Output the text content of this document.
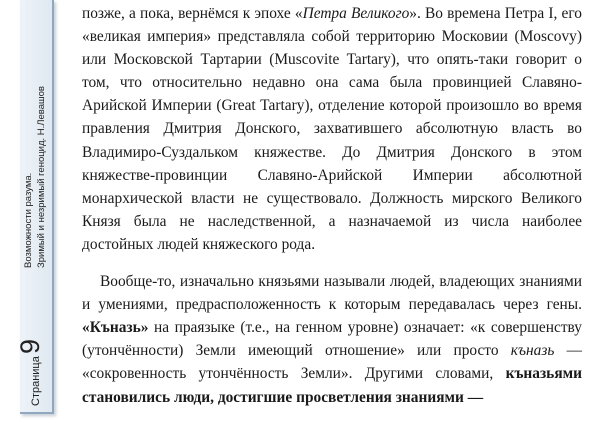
Страница
9
Возможности разума. Зримый и незримый геноцид. Н.Левашов

позже, а пока, вернёмся к эпохе «Петра Великого». Во времена Петра I, его «великая империя» представляла собой территорию Московии (Moscovy) или Московской Тартарии (Muscovite Tartary), что опять-таки говорит о том, что относительно недавно она сама была провинцией Славяно-Арийской Империи (Great Tartary), отделение которой произошло во время правления Дмитрия Донского, захватившего абсолютную власть во Владимиро-Суздальком княжестве. До Дмитрия Донского в этом княжестве-провинции Славяно-Арийской Империи абсолютной монархической власти не существовало. Должность мирского Великого Князя была не наследственной, а назначаемой из числа наиболее достойных людей княжеского рода.

Вообще-то, изначально князьями называли людей, владеющих знаниями и умениями, предрасположенность к которым передавалась через гены. «Къназь» на праязыке (т.е., на генном уровне) означает: «к совершенству (утончённости) Земли имеющий отношение» или просто къназь — «сокровенность утончённость Земли». Другими словами, къназьями становились люди, достигшие просветления знаниями —
